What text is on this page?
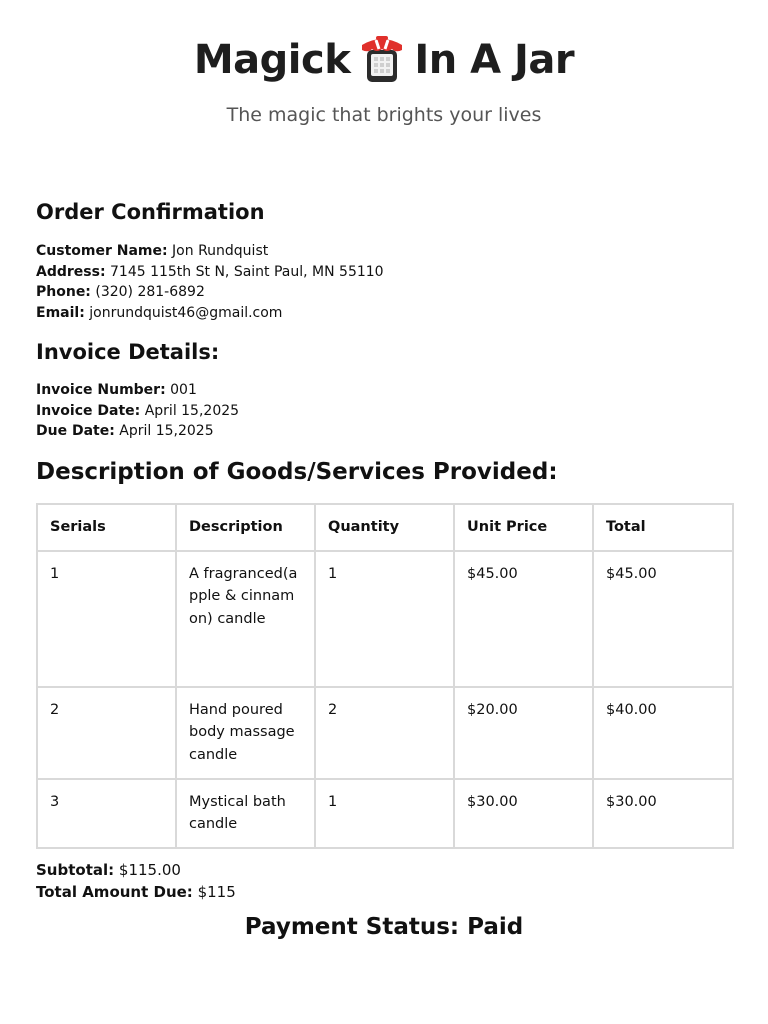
Magick In A Jar
The magic that brights your lives
Order Confirmation
Customer Name: Jon Rundquist
Address: 7145 115th St N, Saint Paul, MN 55110
Phone: (320) 281-6892
Email: jonrundquist46@gmail.com
Invoice Details:
Invoice Number: 001
Invoice Date: April 15,2025
Due Date: April 15,2025
Description of Goods/Services Provided:
Serials	Description	Quantity	Unit Price	Total
1	A fragranced(apple & cinnamon) candle	1	$45.00	$45.00
2	Hand poured body massage candle	2	$20.00	$40.00
3	Mystical bath candle	1	$30.00	$30.00
Subtotal: $115.00
Total Amount Due: $115
Payment Status: Paid
